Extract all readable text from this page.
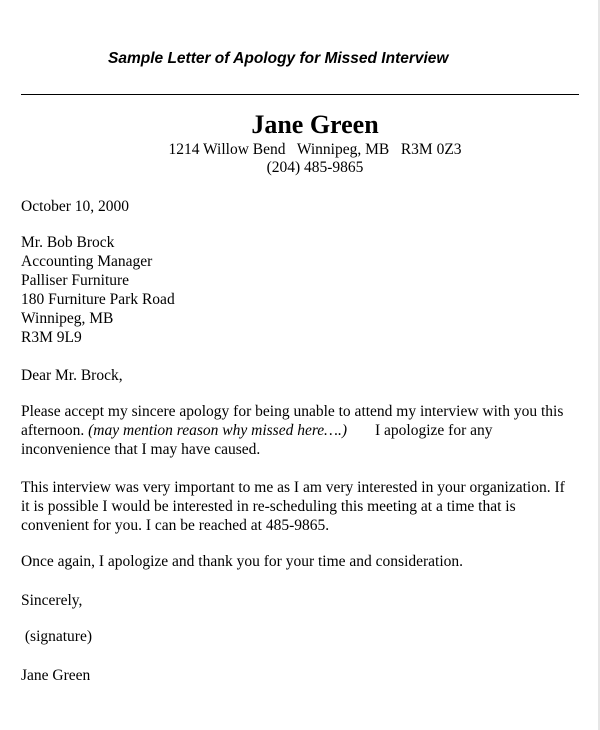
Sample Letter of Apology for Missed Interview
Jane Green
1214 Willow Bend   Winnipeg, MB   R3M 0Z3
(204) 485-9865
October 10, 2000
Mr. Bob Brock
Accounting Manager
Palliser Furniture
180 Furniture Park Road
Winnipeg, MB
R3M 9L9
Dear Mr. Brock,
Please accept my sincere apology for being unable to attend my interview with you this
afternoon. (may mention reason why missed here….) I apologize for any
inconvenience that I may have caused.
This interview was very important to me as I am very interested in your organization. If
it is possible I would be interested in re-scheduling this meeting at a time that is
convenient for you. I can be reached at 485-9865.
Once again, I apologize and thank you for your time and consideration.
Sincerely,
(signature)
Jane Green
